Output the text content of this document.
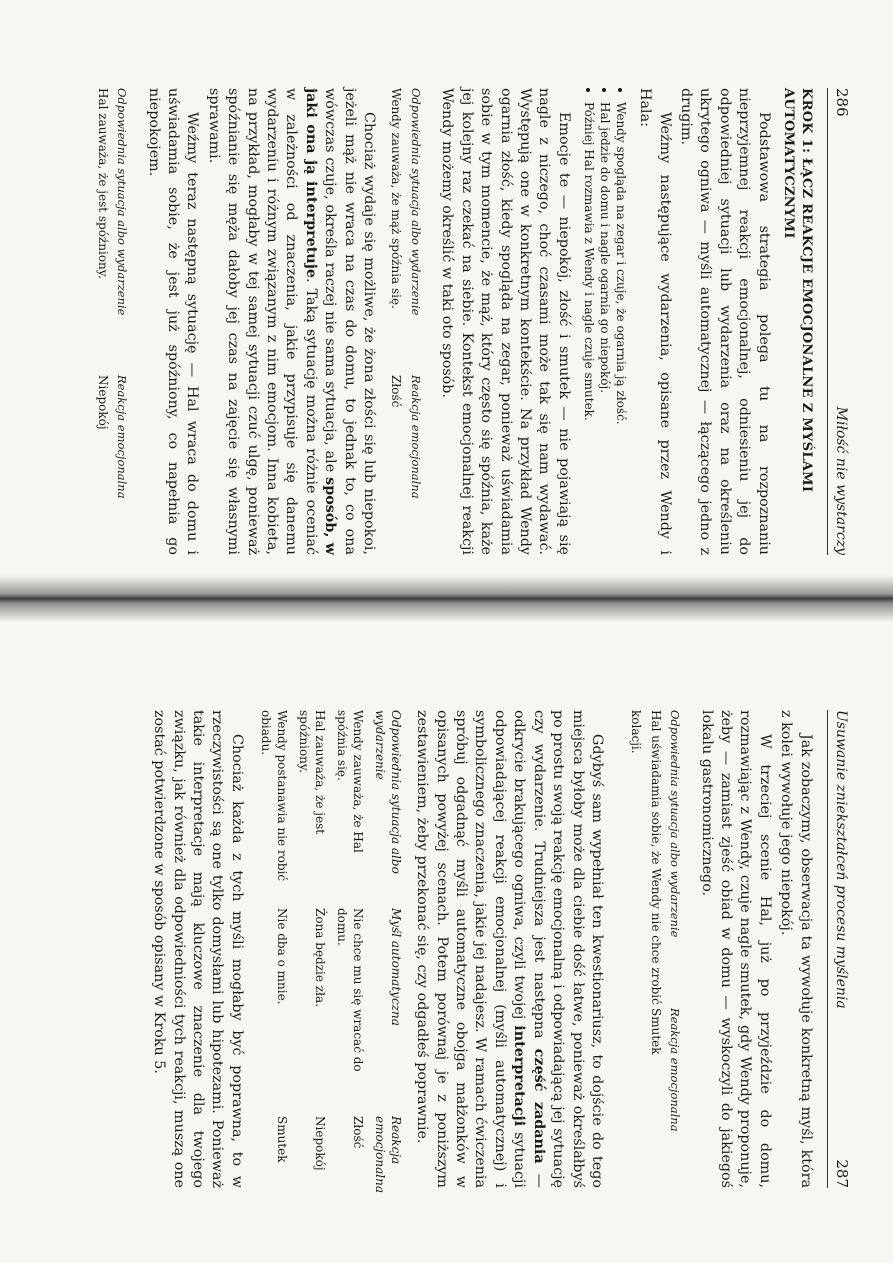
286
Miłość nie wystarczy
KROK 1: ŁĄCZ REAKCJE EMOCJONALNE Z MYŚLAMI AUTOMATYCZNYMI

Podstawowa strategia polega tu na rozpoznaniu nieprzyjemnej reakcji emocjonalnej, odniesieniu jej do odpowiedniej sytuacji lub wydarzenia oraz na określeniu ukrytego ogniwa — myśli automatycznej — łączącego jedno z drugim.

Weźmy następujące wydarzenia, opisane przez Wendy i Hala:

• Wendy spogląda na zegar i czuje, że ogarnia ją złość.
• Hal jedzie do domu i nagle ogarnia go niepokój.
• Później Hal rozmawia z Wendy i nagle czuje smutek.

Emocje te — niepokój, złość i smutek — nie pojawiają się nagle z niczego, choć czasami może tak się nam wydawać. Występują one w konkretnym kontekście. Na przykład Wendy ogarnia złość, kiedy spogląda na zegar, ponieważ uświadamia sobie w tym momencie, że mąż, który często się spóźnia, każe jej kolejny raz czekać na siebie. Kontekst emocjonalnej reakcji Wendy możemy określić w taki oto sposób.

Odpowiednia sytuacja albo wydarzenie
Reakcja emocjonalna
Wendy zauważa, że mąż spóźnia się.
Złość

Chociaż wydaje się możliwe, że żona złości się lub niepokoi, jeżeli mąż nie wraca na czas do domu, to jednak to, co ona wówczas czuje, określa raczej nie sama sytuacja, ale sposób, w jaki ona ją interpretuje. Taką sytuację można różnie oceniać w zależności od znaczenia, jakie przypisuje się danemu wydarzeniu i różnym związanym z nim emocjom. Inna kobieta, na przykład, mogłaby w tej samej sytuacji czuć ulgę, ponieważ spóźnianie się męża dałoby jej czas na zajęcie się własnymi sprawami.

Weźmy teraz następną sytuację — Hal wraca do domu i uświadamia sobie, że jest już spóźniony, co napełnia go niepokojem.

Odpowiednia sytuacja albo wydarzenie
Reakcja emocjonalna
Hal zauważa, że jest spóźniony.
Niepokój
Usuwanie zniekształceń procesu myślenia
287

Jak zobaczymy, obserwacja ta wywołuje konkretną myśl, która z kolei wywołuje jego niepokój.

W trzeciej scenie Hal, już po przyjeździe do domu, rozmawiając z Wendy, czuje nagle smutek, gdy Wendy proponuje, żeby — zamiast zjeść obiad w domu — wyskoczyli do jakiegoś lokalu gastronomicznego.

Odpowiednia sytuacja albo wydarzenie
Reakcja emocjonalna
Hal uświadamia sobie, że Wendy nie chce zrobić kolacji.
Smutek

Gdybyś sam wypełniał ten kwestionariusz, to dojście do tego miejsca byłoby może dla ciebie dość łatwe, ponieważ określałbyś po prostu swoją reakcję emocjonalną i odpowiadającą jej sytuację czy wydarzenie. Trudniejsza jest następna część zadania — odkrycie brakującego ogniwa, czyli twojej interpretacji sytuacji odpowiadającej reakcji emocjonalnej (myśli automatycznej) i symbolicznego znaczenia, jakie jej nadajesz. W ramach ćwiczenia spróbuj odgadnąć myśli automatyczne obojga małżonków w opisanych powyżej scenach. Potem porównaj je z poniższym zestawieniem, żeby przekonać się, czy odgadłeś poprawnie.

Odpowiednia sytuacja albo wydarzenie
Myśl automatyczna
Reakcja emocjonalna
Wendy zauważa, że Hal spóźnia się.
Nie chce mu się wracać do domu.
Złość
Hal zauważa, że jest spóźniony.
Żona będzie zła.
Niepokój
Wendy postanawia nie robić obiadu.
Nie dba o mnie.
Smutek

Chociaż każda z tych myśli mogłaby być poprawna, to w rzeczywistości są one tylko domysłami lub hipotezami. Ponieważ takie interpretacje mają kluczowe znaczenie dla twojego związku, jak również dla odpowiedniości tych reakcji, muszą one zostać potwierdzone w sposób opisany w Kroku 5.
